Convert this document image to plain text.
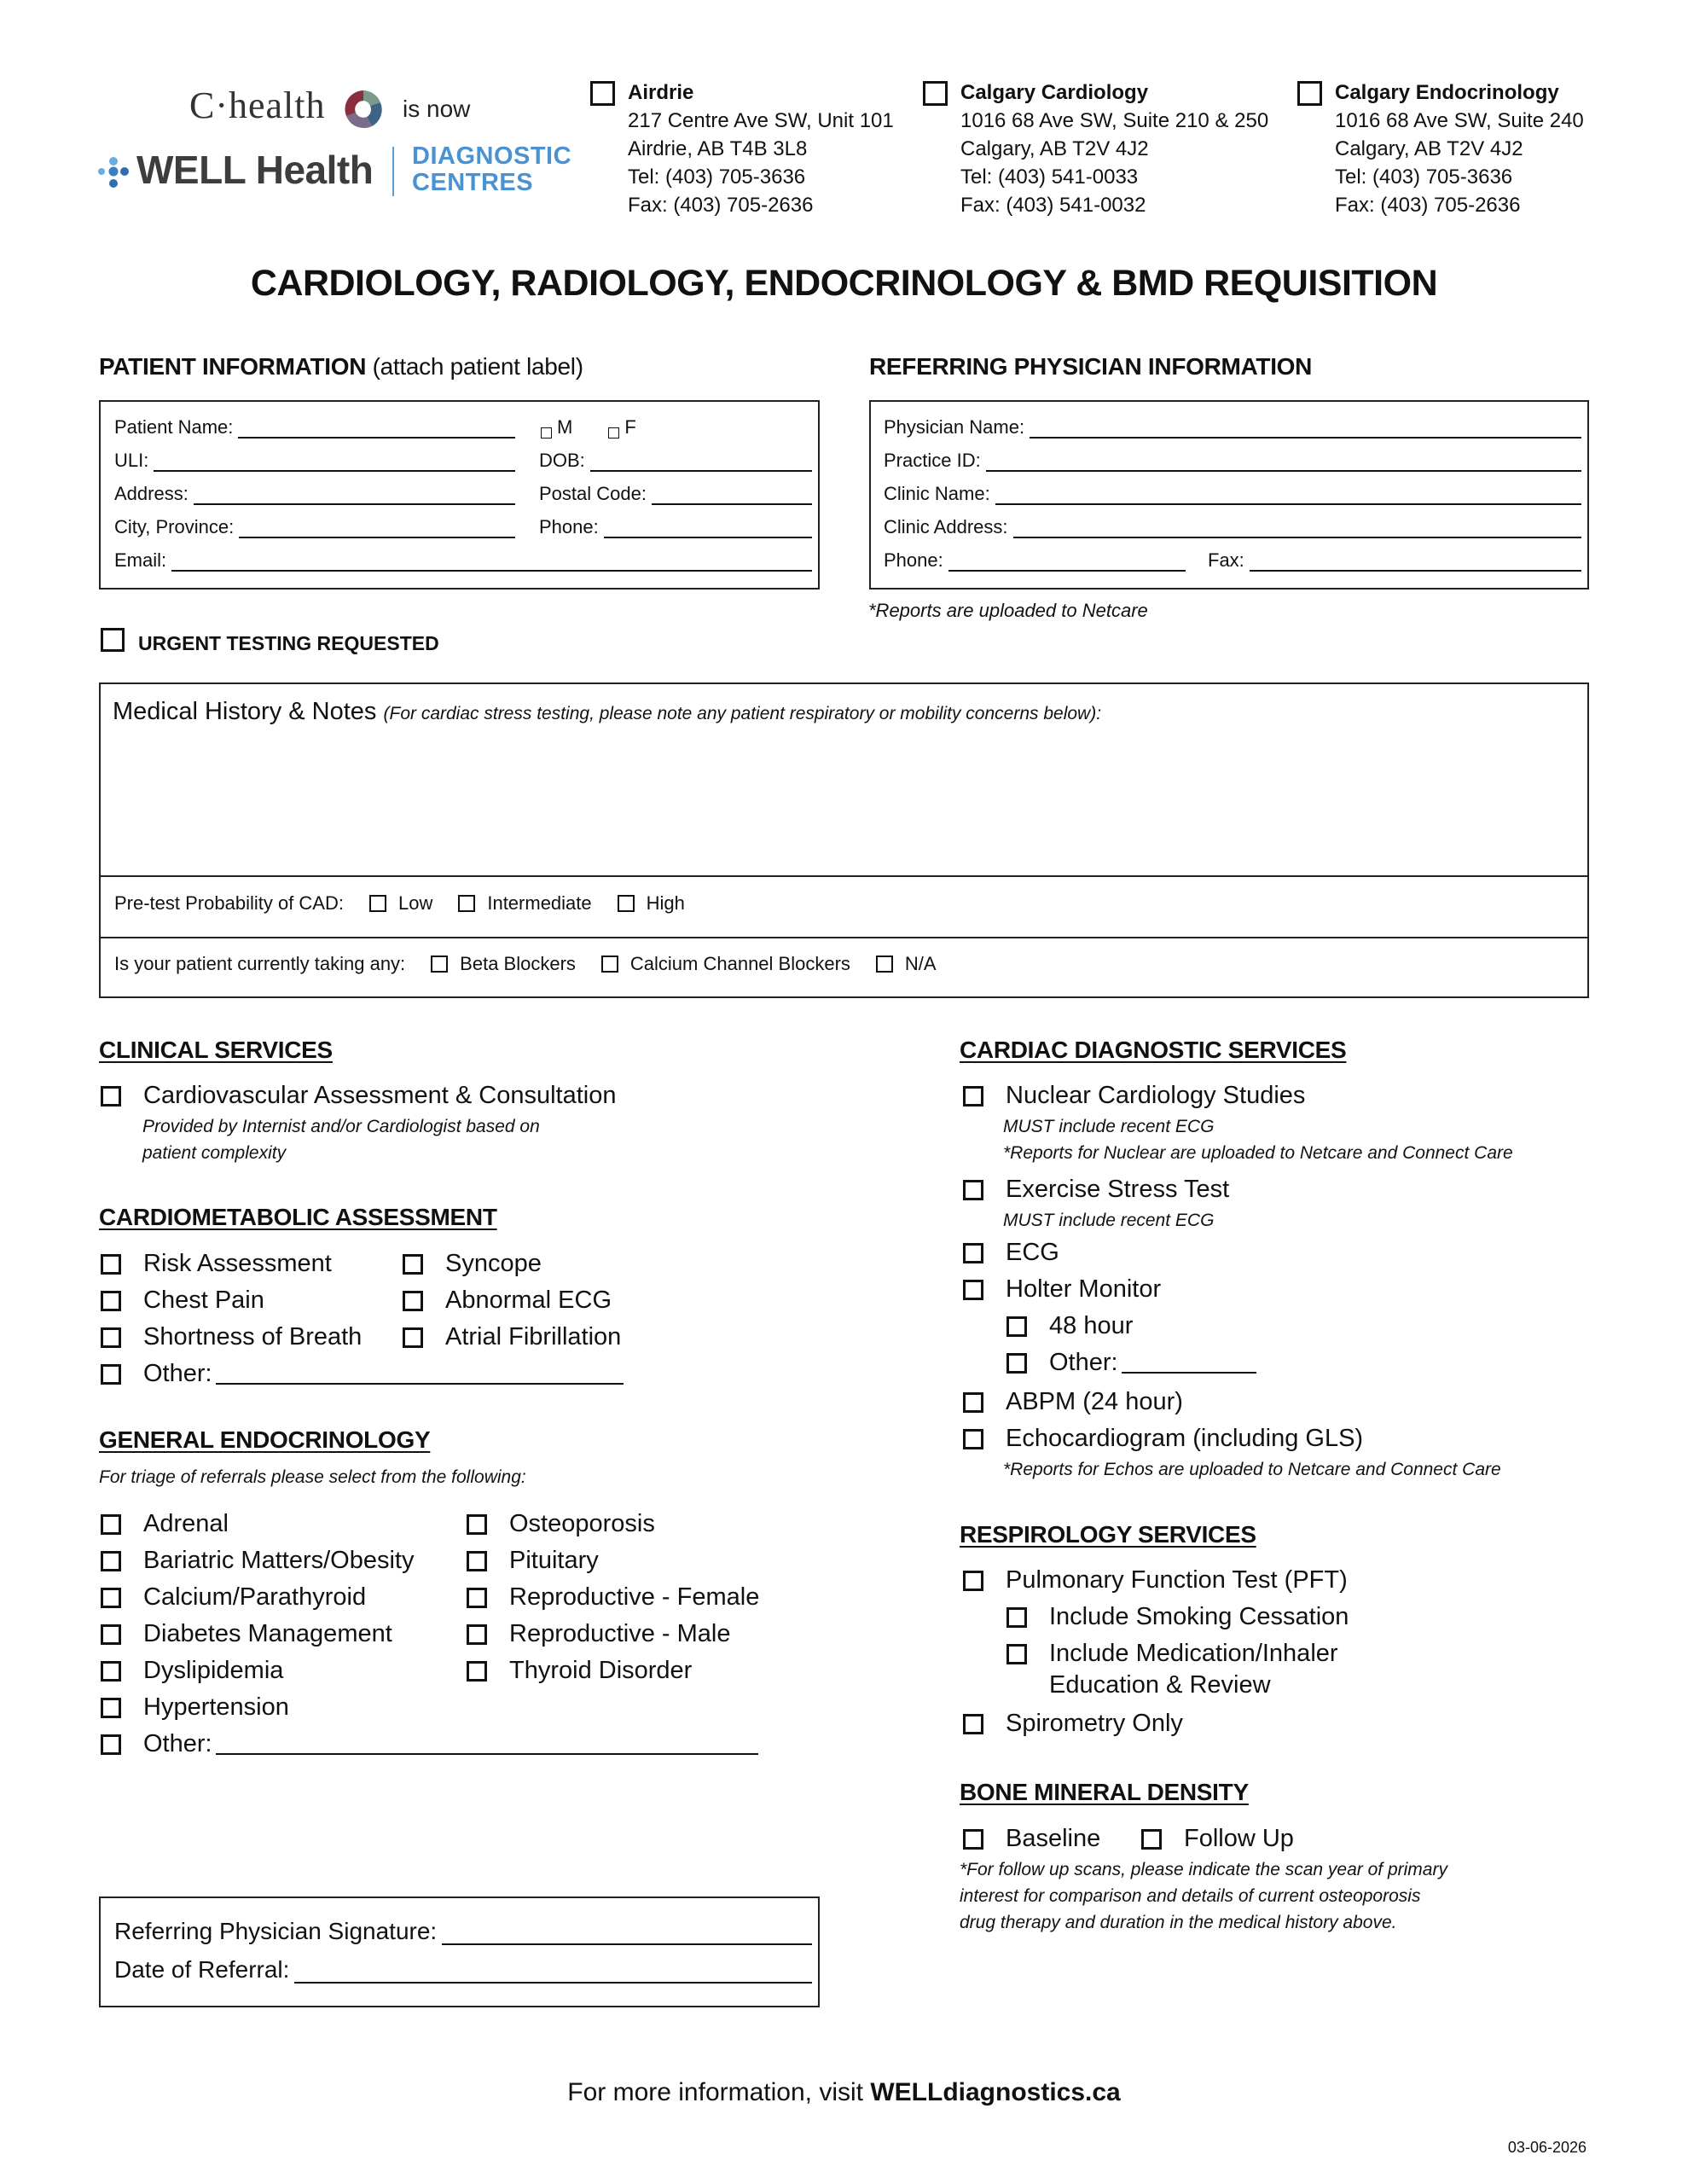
C·health	is now
WELL Health DIAGNOSTIC
CENTRES
Airdrie
217 Centre Ave SW, Unit 101
Airdrie, AB T4B 3L8
Tel: (403) 705-3636
Fax: (403) 705-2636
Calgary Cardiology
1016 68 Ave SW, Suite 210 & 250
Calgary, AB T2V 4J2
Tel: (403) 541-0033
Fax: (403) 541-0032
Calgary Endocrinology
1016 68 Ave SW, Suite 240
Calgary, AB T2V 4J2
Tel: (403) 705-3636
Fax: (403) 705-2636
CARDIOLOGY, RADIOLOGY, ENDOCRINOLOGY & BMD REQUISITION
PATIENT INFORMATION (attach patient label)
Patient Name:	M	F
ULI:	DOB:
Address:	Postal Code:
City, Province:	Phone:
Email:
REFERRING PHYSICIAN INFORMATION
Physician Name:
Practice ID:
Clinic Name:
Clinic Address:
Phone:	Fax:
*Reports are uploaded to Netcare
URGENT TESTING REQUESTED
Medical History & Notes (For cardiac stress testing, please note any patient respiratory or mobility concerns below):
Pre-test Probability of CAD:	Low	Intermediate	High
Is your patient currently taking any:	Beta Blockers	Calcium Channel Blockers	N/A
CLINICAL SERVICES
Cardiovascular Assessment & Consultation
Provided by Internist and/or Cardiologist based on
patient complexity
CARDIOMETABOLIC ASSESSMENT
Risk Assessment
Chest Pain
Shortness of Breath
Syncope
Abnormal ECG
Atrial Fibrillation
Other:
GENERAL ENDOCRINOLOGY
For triage of referrals please select from the following:
Adrenal
Bariatric Matters/Obesity
Calcium/Parathyroid
Diabetes Management
Dyslipidemia
Hypertension
Osteoporosis
Pituitary
Reproductive - Female
Reproductive - Male
Thyroid Disorder
Other:
Referring Physician Signature:
Date of Referral:
CARDIAC DIAGNOSTIC SERVICES
Nuclear Cardiology Studies
MUST include recent ECG
*Reports for Nuclear are uploaded to Netcare and Connect Care
Exercise Stress Test
MUST include recent ECG
ECG
Holter Monitor
48 hour
Other:
ABPM (24 hour)
Echocardiogram (including GLS)
*Reports for Echos are uploaded to Netcare and Connect Care
RESPIROLOGY SERVICES
Pulmonary Function Test (PFT)
Include Smoking Cessation
Include Medication/Inhaler
Education & Review
Spirometry Only
BONE MINERAL DENSITY
Baseline	Follow Up
*For follow up scans, please indicate the scan year of primary
interest for comparison and details of current osteoporosis
drug therapy and duration in the medical history above.
For more information, visit WELLdiagnostics.ca
03-06-2026
